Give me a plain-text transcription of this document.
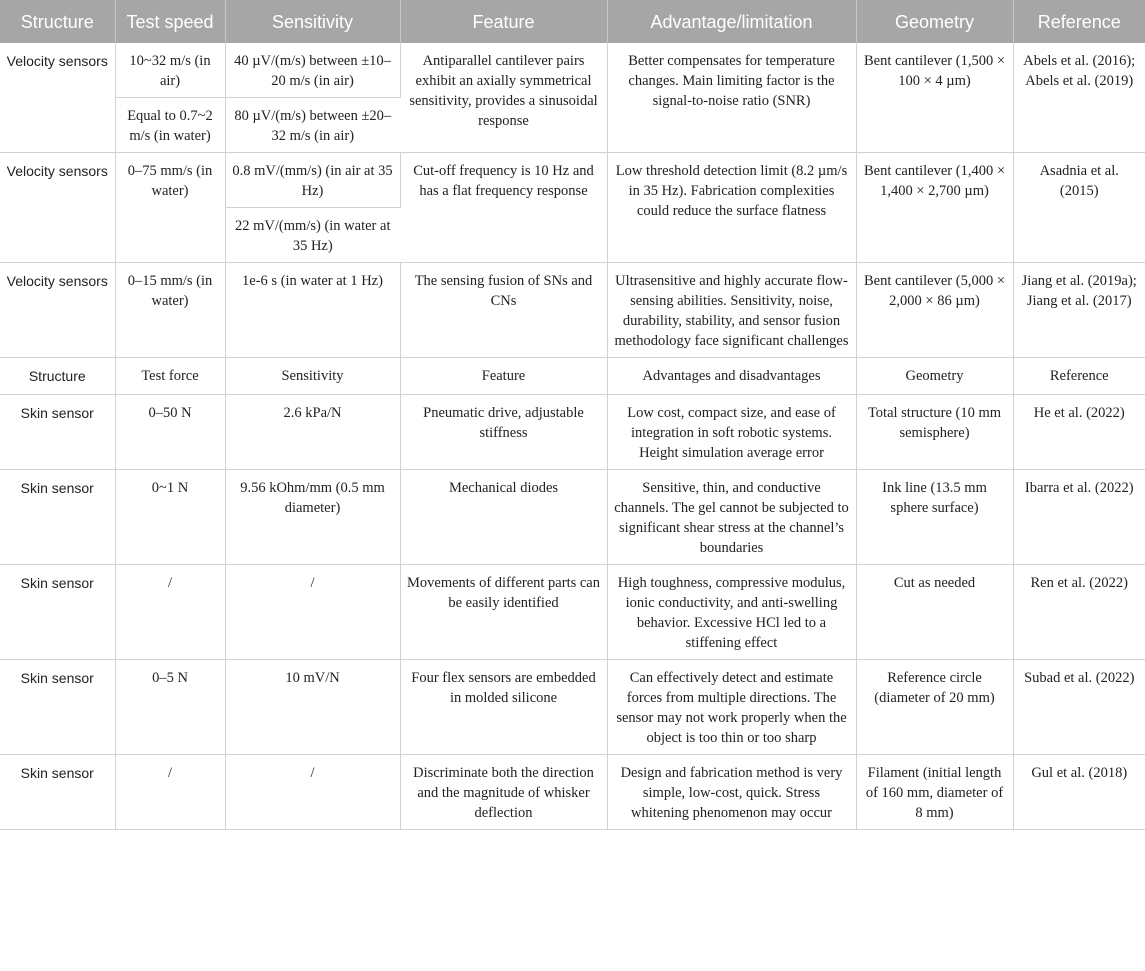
Structure	Test speed	Sensitivity	Feature	Advantage/limitation	Geometry	Reference
Velocity sensors	10~32 m/s (in air)	40 µV/(m/s) between ±10–20 m/s (in air)	Antiparallel cantilever pairs exhibit an axially symmetrical sensitivity, provides a sinusoidal response	Better compensates for temperature changes. Main limiting factor is the signal-to-noise ratio (SNR)	Bent cantilever (1,500 × 100 × 4 µm)	Abels et al. (2016); Abels et al. (2019)
	Equal to 0.7~2 m/s (in water)	80 µV/(m/s) between ±20–32 m/s (in air)				
Velocity sensors	0–75 mm/s (in water)	0.8 mV/(mm/s) (in air at 35 Hz)	Cut-off frequency is 10 Hz and has a flat frequency response	Low threshold detection limit (8.2 µm/s in 35 Hz). Fabrication complexities could reduce the surface flatness	Bent cantilever (1,400 × 1,400 × 2,700 µm)	Asadnia et al. (2015)
		22 mV/(mm/s) (in water at 35 Hz)				
Velocity sensors	0–15 mm/s (in water)	1e-6 s (in water at 1 Hz)	The sensing fusion of SNs and CNs	Ultrasensitive and highly accurate flow-sensing abilities. Sensitivity, noise, durability, stability, and sensor fusion methodology face significant challenges	Bent cantilever (5,000 × 2,000 × 86 µm)	Jiang et al. (2019a); Jiang et al. (2017)
Structure	Test force	Sensitivity	Feature	Advantages and disadvantages	Geometry	Reference
Skin sensor	0–50 N	2.6 kPa/N	Pneumatic drive, adjustable stiffness	Low cost, compact size, and ease of integration in soft robotic systems. Height simulation average error	Total structure (10 mm semisphere)	He et al. (2022)
Skin sensor	0~1 N	9.56 kOhm/mm (0.5 mm diameter)	Mechanical diodes	Sensitive, thin, and conductive channels. The gel cannot be subjected to significant shear stress at the channel’s boundaries	Ink line (13.5 mm sphere surface)	Ibarra et al. (2022)
Skin sensor	/	/	Movements of different parts can be easily identified	High toughness, compressive modulus, ionic conductivity, and anti-swelling behavior. Excessive HCl led to a stiffening effect	Cut as needed	Ren et al. (2022)
Skin sensor	0–5 N	10 mV/N	Four flex sensors are embedded in molded silicone	Can effectively detect and estimate forces from multiple directions. The sensor may not work properly when the object is too thin or too sharp	Reference circle (diameter of 20 mm)	Subad et al. (2022)
Skin sensor	/	/	Discriminate both the direction and the magnitude of whisker deflection	Design and fabrication method is very simple, low-cost, quick. Stress whitening phenomenon may occur	Filament (initial length of 160 mm, diameter of 8 mm)	Gul et al. (2018)
